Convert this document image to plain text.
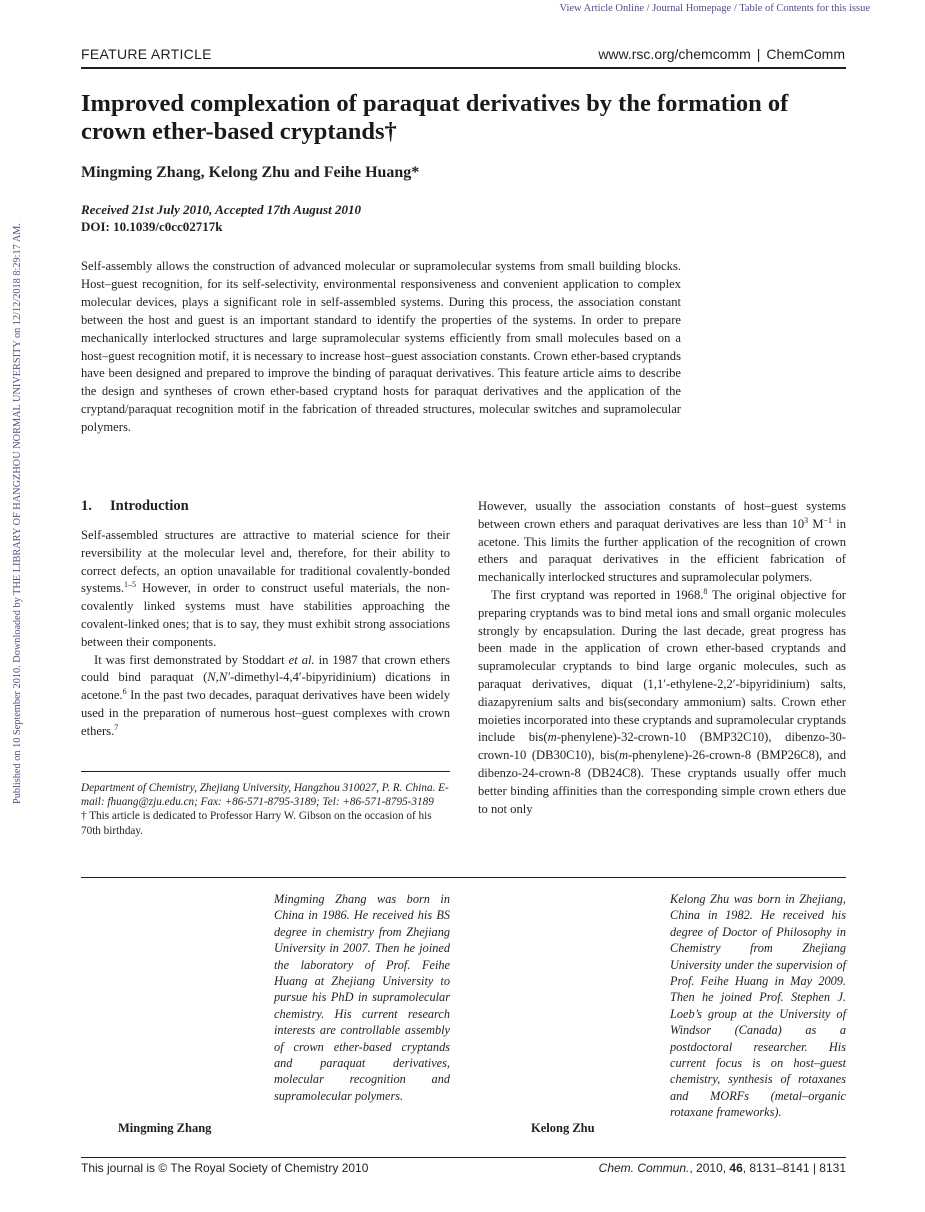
View Article Online / Journal Homepage / Table of Contents for this issue
Published on 10 September 2010. Downloaded by THE LIBRARY OF HANGZHOU NORMAL UNIVERSITY on 12/12/2018 8:29:17 AM.
FEATURE ARTICLE	www.rsc.org/chemcomm | ChemComm
Improved complexation of paraquat derivatives by the formation of crown ether-based cryptands†
Mingming Zhang, Kelong Zhu and Feihe Huang*
Received 21st July 2010, Accepted 17th August 2010
DOI: 10.1039/c0cc02717k
Self-assembly allows the construction of advanced molecular or supramolecular systems from small building blocks. Host–guest recognition, for its self-selectivity, environmental responsiveness and convenient application to complex molecular devices, plays a significant role in self-assembled systems. During this process, the association constant between the host and guest is an important standard to identify the properties of the systems. In order to prepare mechanically interlocked structures and large supramolecular systems efficiently from small molecules based on a host–guest recognition motif, it is necessary to increase host–guest association constants. Crown ether-based cryptands have been designed and prepared to improve the binding of paraquat derivatives. This feature article aims to describe the design and syntheses of crown ether-based cryptand hosts for paraquat derivatives and the application of the cryptand/paraquat recognition motif in the fabrication of threaded structures, molecular switches and supramolecular polymers.
1.  Introduction

Self-assembled structures are attractive to material science for their reversibility at the molecular level and, therefore, for their ability to correct defects, an option unavailable for traditional covalently-bonded systems.$^{1-5}$ However, in order to construct useful materials, the non-covalently linked systems must have stabilities approaching the covalent-linked ones; that is to say, they must exhibit strong associations between their components.

It was first demonstrated by Stoddart et al. in 1987 that crown ethers could bind paraquat (N,N′-dimethyl-4,4′-bipyridinium) dications in acetone.$^6$ In the past two decades, paraquat derivatives have been widely used in the preparation of numerous host–guest complexes with crown ethers.$^7$

Department of Chemistry, Zhejiang University, Hangzhou 310027, P. R. China. E-mail: fhuang@zju.edu.cn; Fax: +86-571-8795-3189; Tel: +86-571-8795-3189
† This article is dedicated to Professor Harry W. Gibson on the occasion of his 70th birthday.

However, usually the association constants of host–guest systems between crown ethers and paraquat derivatives are less than $10^3$ $M^{-1}$ in acetone. This limits the further application of the recognition of crown ethers and paraquat derivatives in the efficient fabrication of mechanically interlocked structures and supramolecular polymers.

The first cryptand was reported in 1968.$^8$ The original objective for preparing cryptands was to bind metal ions and small organic molecules strongly by encapsulation. During the last decade, great progress has been made in the application of crown ether-based cryptands and supramolecular cryptands to bind large organic molecules, such as paraquat derivatives, diquat (1,1′-ethylene-2,2′-bipyridinium) salts, diazapyrenium salts and bis(secondary ammonium) salts. Crown ether moieties incorporated into these cryptands and supramolecular cryptands include bis(m-phenylene)-32-crown-10 (BMP32C10), dibenzo-30-crown-10 (DB30C10), bis(m-phenylene)-26-crown-8 (BMP26C8), and dibenzo-24-crown-8 (DB24C8). These cryptands usually offer much better binding affinities than the corresponding simple crown ethers due to not only

Mingming Zhang was born in China in 1986. He received his BS degree in chemistry from Zhejiang University in 2007. Then he joined the laboratory of Prof. Feihe Huang at Zhejiang University to pursue his PhD in supramolecular chemistry. His current research interests are controllable assembly of crown ether-based cryptands and paraquat derivatives, molecular recognition and supramolecular polymers.
Kelong Zhu was born in Zhejiang, China in 1982. He received his degree of Doctor of Philosophy in Chemistry from Zhejiang University under the supervision of Prof. Feihe Huang in May 2009. Then he joined Prof. Stephen J. Loeb’s group at the University of Windsor (Canada) as a postdoctoral researcher. His current focus is on host–guest chemistry, synthesis of rotaxanes and MORFs (metal–organic rotaxane frameworks).
Mingming Zhang	Kelong Zhu
This journal is © The Royal Society of Chemistry 2010	Chem. Commun., 2010, 46, 8131–8141 | 8131
